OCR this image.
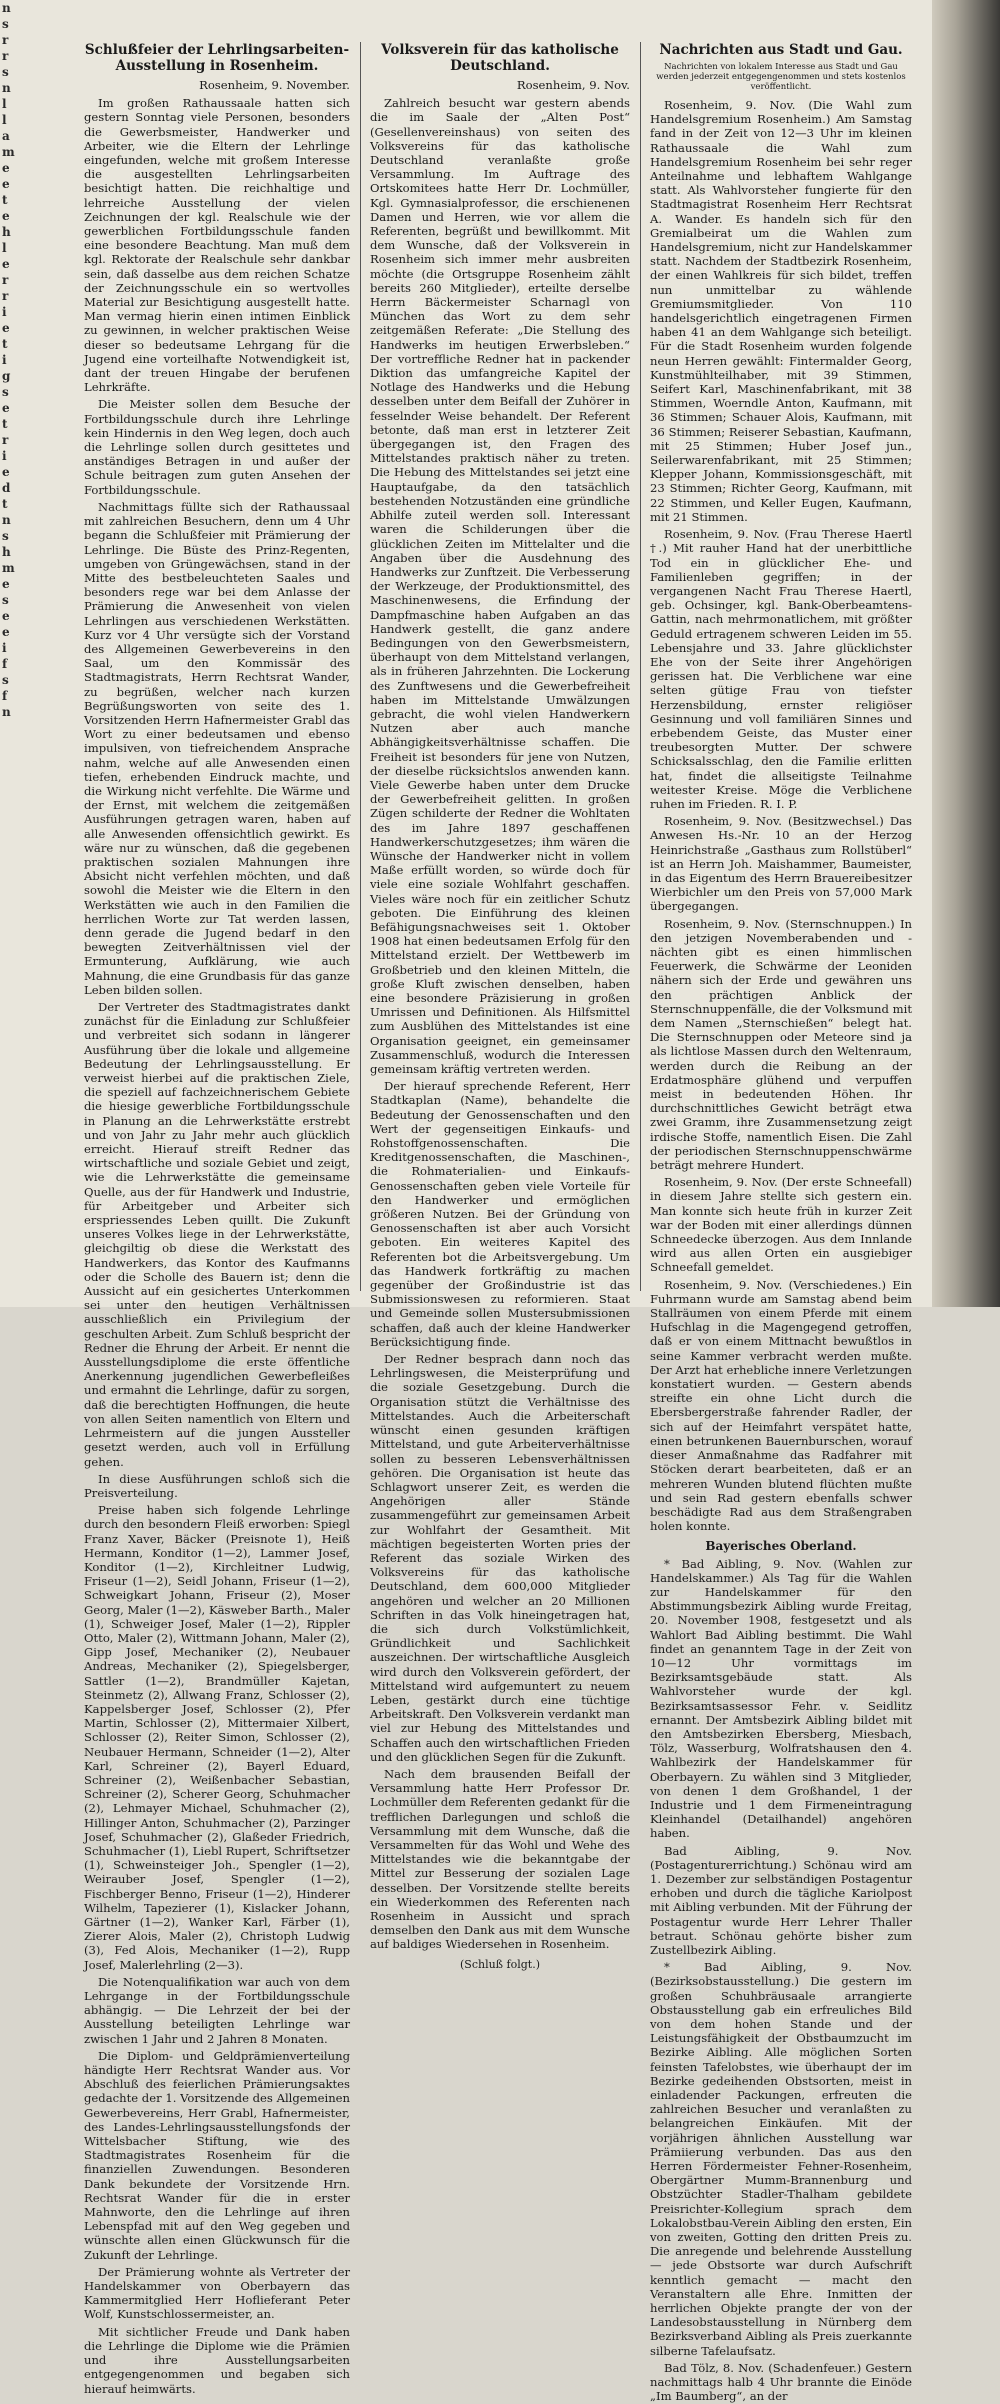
n
s
r
r
s
n
l
l
a
m
e
e
t
e
h
l
e
r
r
i
e
t
i
g
s
e
t
r
i
e
d
t
n
s
h
m
e
s
e
e
i
f
s
f
n
Schlußfeier der Lehrlingsarbeiten-Ausstellung in Rosenheim.
Rosenheim, 9. November.

Im großen Rathaussaale hatten sich gestern Sonntag viele Personen, besonders die Gewerbsmeister, Handwerker und Arbeiter, wie die Eltern der Lehrlinge eingefunden, welche mit großem Interesse die ausgestellten Lehrlingsarbeiten besichtigt hatten. Die reichhaltige und lehrreiche Ausstellung der vielen Zeichnungen der kgl. Realschule wie der gewerblichen Fortbildungsschule fanden eine besondere Beachtung. Man muß dem kgl. Rektorate der Realschule sehr dankbar sein, daß dasselbe aus dem reichen Schatze der Zeichnungsschule ein so wertvolles Material zur Besichtigung ausgestellt hatte. Man vermag hierin einen intimen Einblick zu gewinnen, in welcher praktischen Weise dieser so bedeutsame Lehrgang für die Jugend eine vorteilhafte Notwendigkeit ist, dant der treuen Hingabe der berufenen Lehrkräfte.

Die Meister sollen dem Besuche der Fortbildungsschule durch ihre Lehrlinge kein Hindernis in den Weg legen, doch auch die Lehrlinge sollen durch gesittetes und anständiges Betragen in und außer der Schule beitragen zum guten Ansehen der Fortbildungsschule.

Nachmittags füllte sich der Rathaussaal mit zahlreichen Besuchern, denn um 4 Uhr begann die Schlußfeier mit Prämierung der Lehrlinge. Die Büste des Prinz-Regenten, umgeben von Grüngewächsen, stand in der Mitte des bestbeleuchteten Saales und besonders rege war bei dem Anlasse der Prämierung die Anwesenheit von vielen Lehrlingen aus verschiedenen Werkstätten. Kurz vor 4 Uhr versügte sich der Vorstand des Allgemeinen Gewerbevereins in den Saal, um den Kommissär des Stadtmagistrats, Herrn Rechtsrat Wander, zu begrüßen, welcher nach kurzen Begrüßungsworten von seite des 1. Vorsitzenden Herrn Hafnermeister Grabl das Wort zu einer bedeutsamen und ebenso impulsiven, von tiefreichendem Ansprache nahm, welche auf alle Anwesenden einen tiefen, erhebenden Eindruck machte, und die Wirkung nicht verfehlte. Die Wärme und der Ernst, mit welchem die zeitgemäßen Ausführungen getragen waren, haben auf alle Anwesenden offensichtlich gewirkt. Es wäre nur zu wünschen, daß die gegebenen praktischen sozialen Mahnungen ihre Absicht nicht verfehlen möchten, und daß sowohl die Meister wie die Eltern in den Werkstätten wie auch in den Familien die herrlichen Worte zur Tat werden lassen, denn gerade die Jugend bedarf in den bewegten Zeitverhältnissen viel der Ermunterung, Aufklärung, wie auch Mahnung, die eine Grundbasis für das ganze Leben bilden sollen.

Der Vertreter des Stadtmagistrates dankt zunächst für die Einladung zur Schlußfeier und verbreitet sich sodann in längerer Ausführung über die lokale und allgemeine Bedeutung der Lehrlingsausstellung. Er verweist hierbei auf die praktischen Ziele, die speziell auf fachzeichnerischem Gebiete die hiesige gewerbliche Fortbildungsschule in Planung an die Lehrwerkstätte erstrebt und von Jahr zu Jahr mehr auch glücklich erreicht. Hierauf streift Redner das wirtschaftliche und soziale Gebiet und zeigt, wie die Lehrwerkstätte die gemeinsame Quelle, aus der für Handwerk und Industrie, für Arbeitgeber und Arbeiter sich erspriessendes Leben quillt. Die Zukunft unseres Volkes liege in der Lehrwerkstätte, gleichgiltig ob diese die Werkstatt des Handwerkers, das Kontor des Kaufmanns oder die Scholle des Bauern ist; denn die Aussicht auf ein gesichertes Unterkommen sei unter den heutigen Verhältnissen ausschließlich ein Privilegium der geschulten Arbeit. Zum Schluß bespricht der Redner die Ehrung der Arbeit. Er nennt die Ausstellungsdiplome die erste öffentliche Anerkennung jugendlichen Gewerbefleißes und ermahnt die Lehrlinge, dafür zu sorgen, daß die berechtigten Hoffnungen, die heute von allen Seiten namentlich von Eltern und Lehrmeistern auf die jungen Aussteller gesetzt werden, auch voll in Erfüllung gehen.

In diese Ausführungen schloß sich die Preisverteilung.

Preise haben sich folgende Lehrlinge durch den besondern Fleiß erworben: Spiegl Franz Xaver, Bäcker (Preisnote 1), Heiß Hermann, Konditor (1—2), Lammer Josef, Konditor (1—2), Kirchleitner Ludwig, Friseur (1—2), Seidl Johann, Friseur (1—2), Schweigkart Johann, Friseur (2), Moser Georg, Maler (1—2), Käsweber Barth., Maler (1), Schweiger Josef, Maler (1—2), Rippler Otto, Maler (2), Wittmann Johann, Maler (2), Gipp Josef, Mechaniker (2), Neubauer Andreas, Mechaniker (2), Spiegelsberger, Sattler (1—2), Brandmüller Kajetan, Steinmetz (2), Allwang Franz, Schlosser (2), Kappelsberger Josef, Schlosser (2), Pfer Martin, Schlosser (2), Mittermaier Xilbert, Schlosser (2), Reiter Simon, Schlosser (2), Neubauer Hermann, Schneider (1—2), Alter Karl, Schreiner (2), Bayerl Eduard, Schreiner (2), Weißenbacher Sebastian, Schreiner (2), Scherer Georg, Schuhmacher (2), Lehmayer Michael, Schuhmacher (2), Hillinger Anton, Schuhmacher (2), Parzinger Josef, Schuhmacher (2), Glaßeder Friedrich, Schuhmacher (1), Liebl Rupert, Schriftsetzer (1), Schweinsteiger Joh., Spengler (1—2), Weirauber Josef, Spengler (1—2), Fischberger Benno, Friseur (1—2), Hinderer Wilhelm, Tapezierer (1), Kislacker Johann, Gärtner (1—2), Wanker Karl, Färber (1), Zierer Alois, Maler (2), Christoph Ludwig (3), Fed Alois, Mechaniker (1—2), Rupp Josef, Malerlehrling (2—3).

Die Notenqualifikation war auch von dem Lehrgange in der Fortbildungsschule abhängig. — Die Lehrzeit der bei der Ausstellung beteiligten Lehrlinge war zwischen 1 Jahr und 2 Jahren 8 Monaten.

Die Diplom- und Geldprämienverteilung händigte Herr Rechtsrat Wander aus. Vor Abschluß des feierlichen Prämierungsaktes gedachte der 1. Vorsitzende des Allgemeinen Gewerbevereins, Herr Grabl, Hafnermeister, des Landes-Lehrlingsausstellungsfonds der Wittelsbacher Stiftung, wie des Stadtmagistrates Rosenheim für die finanziellen Zuwendungen. Besonderen Dank bekundete der Vorsitzende Hrn. Rechtsrat Wander für die in erster Mahnworte, den die Lehrlinge auf ihren Lebenspfad mit auf den Weg gegeben und wünschte allen einen Glückwunsch für die Zukunft der Lehrlinge.

Der Prämierung wohnte als Vertreter der Handelskammer von Oberbayern das Kammermitglied Herr Hoflieferant Peter Wolf, Kunstschlossermeister, an.

Mit sichtlicher Freude und Dank haben die Lehrlinge die Diplome wie die Prämien und ihre Ausstellungsarbeiten entgegengenommen und begaben sich hierauf heimwärts.

Volksverein für das katholische Deutschland.
Rosenheim, 9. Nov.

Zahlreich besucht war gestern abends die im Saale der „Alten Post“ (Gesellenvereinshaus) von seiten des Volksvereins für das katholische Deutschland veranlaßte große Versammlung. Im Auftrage des Ortskomitees hatte Herr Dr. Lochmüller, Kgl. Gymnasialprofessor, die erschienenen Damen und Herren, wie vor allem die Referenten, begrüßt und bewillkommt. Mit dem Wunsche, daß der Volksverein in Rosenheim sich immer mehr ausbreiten möchte (die Ortsgruppe Rosenheim zählt bereits 260 Mitglieder), erteilte derselbe Herrn Bäckermeister Scharnagl von München das Wort zu dem sehr zeitgemäßen Referate: „Die Stellung des Handwerks im heutigen Erwerbsleben.“ Der vortreffliche Redner hat in packender Diktion das umfangreiche Kapitel der Notlage des Handwerks und die Hebung desselben unter dem Beifall der Zuhörer in fesselnder Weise behandelt. Der Referent betonte, daß man erst in letzterer Zeit übergegangen ist, den Fragen des Mittelstandes praktisch näher zu treten. Die Hebung des Mittelstandes sei jetzt eine Hauptaufgabe, da den tatsächlich bestehenden Notzuständen eine gründliche Abhilfe zuteil werden soll. Interessant waren die Schilderungen über die glücklichen Zeiten im Mittelalter und die Angaben über die Ausdehnung des Handwerks zur Zunftzeit. Die Verbesserung der Werkzeuge, der Produktionsmittel, des Maschinenwesens, die Erfindung der Dampfmaschine haben Aufgaben an das Handwerk gestellt, die ganz andere Bedingungen von den Gewerbsmeistern, überhaupt von dem Mittelstand verlangen, als in früheren Jahrzehnten. Die Lockerung des Zunftwesens und die Gewerbefreiheit haben im Mittelstande Umwälzungen gebracht, die wohl vielen Handwerkern Nutzen aber auch manche Abhängigkeitsverhältnisse schaffen. Die Freiheit ist besonders für jene von Nutzen, der dieselbe rücksichtslos anwenden kann. Viele Gewerbe haben unter dem Drucke der Gewerbefreiheit gelitten. In großen Zügen schilderte der Redner die Wohltaten des im Jahre 1897 geschaffenen Handwerkerschutzgesetzes; ihm wären die Wünsche der Handwerker nicht in vollem Maße erfüllt worden, so würde doch für viele eine soziale Wohlfahrt geschaffen. Vieles wäre noch für ein zeitlicher Schutz geboten. Die Einführung des kleinen Befähigungsnachweises seit 1. Oktober 1908 hat einen bedeutsamen Erfolg für den Mittelstand erzielt. Der Wettbewerb im Großbetrieb und den kleinen Mitteln, die große Kluft zwischen denselben, haben eine besondere Präzisierung in großen Umrissen und Definitionen. Als Hilfsmittel zum Ausblühen des Mittelstandes ist eine Organisation geeignet, ein gemeinsamer Zusammenschluß, wodurch die Interessen gemeinsam kräftig vertreten werden.

Der hierauf sprechende Referent, Herr Stadtkaplan (Name), behandelte die Bedeutung der Genossenschaften und den Wert der gegenseitigen Einkaufs- und Rohstoffgenossenschaften. Die Kreditgenossenschaften, die Maschinen-, die Rohmaterialien- und Einkaufs-Genossenschaften geben viele Vorteile für den Handwerker und ermöglichen größeren Nutzen. Bei der Gründung von Genossenschaften ist aber auch Vorsicht geboten. Ein weiteres Kapitel des Referenten bot die Arbeitsvergebung. Um das Handwerk fortkräftig zu machen gegenüber der Großindustrie ist das Submissionswesen zu reformieren. Staat und Gemeinde sollen Mustersubmissionen schaffen, daß auch der kleine Handwerker Berücksichtigung finde.

Der Redner besprach dann noch das Lehrlingswesen, die Meisterprüfung und die soziale Gesetzgebung. Durch die Organisation stützt die Verhältnisse des Mittelstandes. Auch die Arbeiterschaft wünscht einen gesunden kräftigen Mittelstand, und gute Arbeiterverhältnisse sollen zu besseren Lebensverhältnissen gehören. Die Organisation ist heute das Schlagwort unserer Zeit, es werden die Angehörigen aller Stände zusammengeführt zur gemeinsamen Arbeit zur Wohlfahrt der Gesamtheit. Mit mächtigen begeisterten Worten pries der Referent das soziale Wirken des Volksvereins für das katholische Deutschland, dem 600,000 Mitglieder angehören und welcher an 20 Millionen Schriften in das Volk hineingetragen hat, die sich durch Volkstümlichkeit, Gründlichkeit und Sachlichkeit auszeichnen. Der wirtschaftliche Ausgleich wird durch den Volksverein gefördert, der Mittelstand wird aufgemuntert zu neuem Leben, gestärkt durch eine tüchtige Arbeitskraft. Den Volksverein verdankt man viel zur Hebung des Mittelstandes und Schaffen auch den wirtschaftlichen Frieden und den glücklichen Segen für die Zukunft.

Nach dem brausenden Beifall der Versammlung hatte Herr Professor Dr. Lochmüller dem Referenten gedankt für die trefflichen Darlegungen und schloß die Versammlung mit dem Wunsche, daß die Versammelten für das Wohl und Wehe des Mittelstandes wie die bekanntgabe der Mittel zur Besserung der sozialen Lage desselben. Der Vorsitzende stellte bereits ein Wiederkommen des Referenten nach Rosenheim in Aussicht und sprach demselben den Dank aus mit dem Wunsche auf baldiges Wiedersehen in Rosenheim.

(Schluß folgt.)
Nachrichten aus Stadt und Gau.
Nachrichten von lokalem Interesse aus Stadt und Gau werden jederzeit entgegengenommen und stets kostenlos veröffentlicht.

Rosenheim, 9. Nov. (Die Wahl zum Handelsgremium Rosenheim.) Am Samstag fand in der Zeit von 12—3 Uhr im kleinen Rathaussaale die Wahl zum Handelsgremium Rosenheim bei sehr reger Anteilnahme und lebhaftem Wahlgange statt. Als Wahlvorsteher fungierte für den Stadtmagistrat Rosenheim Herr Rechtsrat A. Wander. Es handeln sich für den Gremialbeirat um die Wahlen zum Handelsgremium, nicht zur Handelskammer statt. Nachdem der Stadtbezirk Rosenheim, der einen Wahlkreis für sich bildet, treffen nun unmittelbar zu wählende Gremiumsmitglieder. Von 110 handelsgerichtlich eingetragenen Firmen haben 41 an dem Wahlgange sich beteiligt. Für die Stadt Rosenheim wurden folgende neun Herren gewählt: Fintermalder Georg, Kunstmühlteilhaber, mit 39 Stimmen, Seifert Karl, Maschinenfabrikant, mit 38 Stimmen, Woerndle Anton, Kaufmann, mit 36 Stimmen; Schauer Alois, Kaufmann, mit 36 Stimmen; Reiserer Sebastian, Kaufmann, mit 25 Stimmen; Huber Josef jun., Seilerwarenfabrikant, mit 25 Stimmen; Klepper Johann, Kommissionsgeschäft, mit 23 Stimmen; Richter Georg, Kaufmann, mit 22 Stimmen, und Keller Eugen, Kaufmann, mit 21 Stimmen.

Rosenheim, 9. Nov. (Frau Therese Haertl †.) Mit rauher Hand hat der unerbittliche Tod ein in glücklicher Ehe- und Familienleben gegriffen; in der vergangenen Nacht Frau Therese Haertl, geb. Ochsinger, kgl. Bank-Oberbeamtens-Gattin, nach mehrmonatlichem, mit größter Geduld ertragenem schweren Leiden im 55. Lebensjahre und 33. Jahre glücklichster Ehe von der Seite ihrer Angehörigen gerissen hat. Die Verblichene war eine selten gütige Frau von tiefster Herzensbildung, ernster religiöser Gesinnung und voll familiären Sinnes und erbebendem Geiste, das Muster einer treubesorgten Mutter. Der schwere Schicksalsschlag, den die Familie erlitten hat, findet die allseitigste Teilnahme weitester Kreise. Möge die Verblichene ruhen im Frieden. R. I. P.

Rosenheim, 9. Nov. (Besitzwechsel.) Das Anwesen Hs.-Nr. 10 an der Herzog Heinrichstraße „Gasthaus zum Rollstüberl“ ist an Herrn Joh. Maishammer, Baumeister, in das Eigentum des Herrn Brauereibesitzer Wierbichler um den Preis von 57,000 Mark übergegangen.

Rosenheim, 9. Nov. (Sternschnuppen.) In den jetzigen Novemberabenden und -nächten gibt es einen himmlischen Feuerwerk, die Schwärme der Leoniden nähern sich der Erde und gewähren uns den prächtigen Anblick der Sternschnuppenfälle, die der Volksmund mit dem Namen „Sternschießen“ belegt hat. Die Sternschnuppen oder Meteore sind ja als lichtlose Massen durch den Weltenraum, werden durch die Reibung an der Erdatmosphäre glühend und verpuffen meist in bedeutenden Höhen. Ihr durchschnittliches Gewicht beträgt etwa zwei Gramm, ihre Zusammensetzung zeigt irdische Stoffe, namentlich Eisen. Die Zahl der periodischen Sternschnuppenschwärme beträgt mehrere Hundert.

Rosenheim, 9. Nov. (Der erste Schneefall) in diesem Jahre stellte sich gestern ein. Man konnte sich heute früh in kurzer Zeit war der Boden mit einer allerdings dünnen Schneedecke überzogen. Aus dem Innlande wird aus allen Orten ein ausgiebiger Schneefall gemeldet.

Rosenheim, 9. Nov. (Verschiedenes.) Ein Fuhrmann wurde am Samstag abend beim Stallräumen von einem Pferde mit einem Hufschlag in die Magengegend getroffen, daß er von einem Mittnacht bewußtlos in seine Kammer verbracht werden mußte. Der Arzt hat erhebliche innere Verletzungen konstatiert wurden. — Gestern abends streifte ein ohne Licht durch die Ebersbergerstraße fahrender Radler, der sich auf der Heimfahrt verspätet hatte, einen betrunkenen Bauernburschen, worauf dieser Anmaßnahme das Radfahrer mit Stöcken derart bearbeiteten, daß er an mehreren Wunden blutend flüchten mußte und sein Rad gestern ebenfalls schwer beschädigte Rad aus dem Straßengraben holen konnte.

Bayerisches Oberland.

* Bad Aibling, 9. Nov. (Wahlen zur Handelskammer.) Als Tag für die Wahlen zur Handelskammer für den Abstimmungsbezirk Aibling wurde Freitag, 20. November 1908, festgesetzt und als Wahlort Bad Aibling bestimmt. Die Wahl findet an genanntem Tage in der Zeit von 10—12 Uhr vormittags im Bezirksamtsgebäude statt. Als Wahlvorsteher wurde der kgl. Bezirksamtsassessor Fehr. v. Seidlitz ernannt. Der Amtsbezirk Aibling bildet mit den Amtsbezirken Ebersberg, Miesbach, Tölz, Wasserburg, Wolfratshausen den 4. Wahlbezirk der Handelskammer für Oberbayern. Zu wählen sind 3 Mitglieder, von denen 1 dem Großhandel, 1 der Industrie und 1 dem Firmeneintragung Kleinhandel (Detailhandel) angehören haben.

Bad Aibling, 9. Nov. (Postagenturerrichtung.) Schönau wird am 1. Dezember zur selbständigen Postagentur erhoben und durch die tägliche Kariolpost mit Aibling verbunden. Mit der Führung der Postagentur wurde Herr Lehrer Thaller betraut. Schönau gehörte bisher zum Zustellbezirk Aibling.

* Bad Aibling, 9. Nov. (Bezirksobstausstellung.) Die gestern im großen Schuhbräusaale arrangierte Obstausstellung gab ein erfreuliches Bild von dem hohen Stande und der Leistungsfähigkeit der Obstbaumzucht im Bezirke Aibling. Alle möglichen Sorten feinsten Tafelobstes, wie überhaupt der im Bezirke gedeihenden Obstsorten, meist in einladender Packungen, erfreuten die zahlreichen Besucher und veranlaßten zu belangreichen Einkäufen. Mit der vorjährigen ähnlichen Ausstellung war Prämiierung verbunden. Das aus den Herren Fördermeister Fehner-Rosenheim, Obergärtner Mumm-Brannenburg und Obstzüchter Stadler-Thalham gebildete Preisrichter-Kollegium sprach dem Lokalobstbau-Verein Aibling den ersten, Ein von zweiten, Gotting den dritten Preis zu. Die anregende und belehrende Ausstellung — jede Obstsorte war durch Aufschrift kenntlich gemacht — macht den Veranstaltern alle Ehre. Inmitten der herrlichen Objekte prangte der von der Landesobstausstellung in Nürnberg dem Bezirksverband Aibling als Preis zuerkannte silberne Tafelaufsatz.

Bad Tölz, 8. Nov. (Schadenfeuer.) Gestern nachmittags halb 4 Uhr brannte die Einöde „Im Baumberg“, an der
